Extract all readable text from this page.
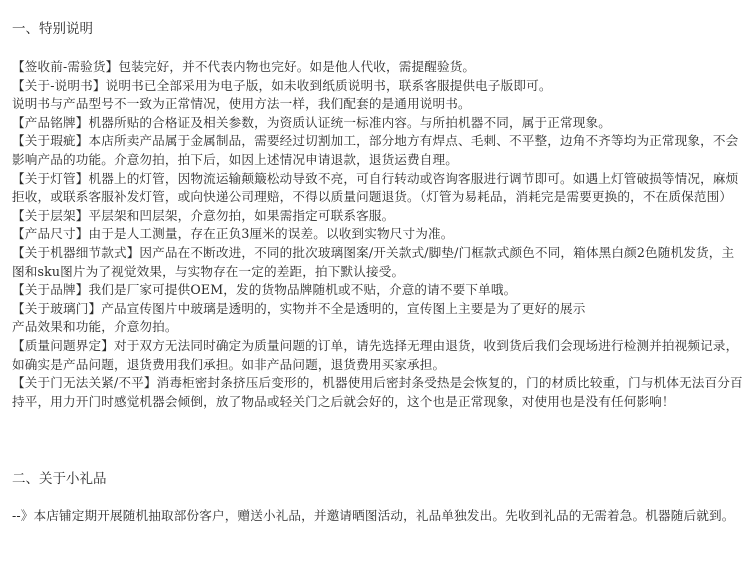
一、特别说明

【签收前-需验货】包装完好，并不代表内物也完好。如是他人代收，需提醒验货。

【关于-说明书】说明书已全部采用为电子版，如未收到纸质说明书，联系客服提供电子版即可。

说明书与产品型号不一致为正常情况，使用方法一样，我们配套的是通用说明书。

【产品铭牌】机器所贴的合格证及相关参数，为资质认证统一标准内容。与所拍机器不同，属于正常现象。

【关于瑕疵】本店所卖产品属于金属制品，需要经过切割加工，部分地方有焊点、毛刺、不平整，边角不齐等均为正常现象，不会影响产品的功能。介意勿拍，拍下后，如因上述情况申请退款，退货运费自理。

【关于灯管】机器上的灯管，因物流运输颠簸松动导致不亮，可自行转动或咨询客服进行调节即可。如遇上灯管破损等情况，麻烦拒收，或联系客服补发灯管，或向快递公司理赔，不得以质量问题退货。（灯管为易耗品，消耗完是需要更换的，不在质保范围）

【关于层架】平层架和凹层架，介意勿拍，如果需指定可联系客服。

【产品尺寸】由于是人工测量，存在正负3厘米的误差。以收到实物尺寸为准。

【关于机器细节款式】因产品在不断改进，不同的批次玻璃图案/开关款式/脚垫/门框款式颜色不同，箱体黑白颜2色随机发货，主图和sku图片为了视觉效果，与实物存在一定的差距，拍下默认接受。

【关于品牌】我们是厂家可提供OEM，发的货物品牌随机或不贴，介意的请不要下单哦。

【关于玻璃门】产品宣传图片中玻璃是透明的，实物并不全是透明的，宣传图上主要是为了更好的展示

产品效果和功能，介意勿拍。

【质量问题界定】对于双方无法同时确定为质量问题的订单，请先选择无理由退货，收到货后我们会现场进行检测并拍视频记录，如确实是产品问题，退货费用我们承担。如非产品问题，退货费用买家承担。

【关于门无法关紧/不平】消毒柜密封条挤压后变形的，机器使用后密封条受热是会恢复的，门的材质比较重，门与机体无法百分百持平，用力开门时感觉机器会倾倒，放了物品或轻关门之后就会好的，这个也是正常现象，对使用也是没有任何影响！

二、关于小礼品

--》本店铺定期开展随机抽取部份客户，赠送小礼品，并邀请晒图活动，礼品单独发出。先收到礼品的无需着急。机器随后就到。
